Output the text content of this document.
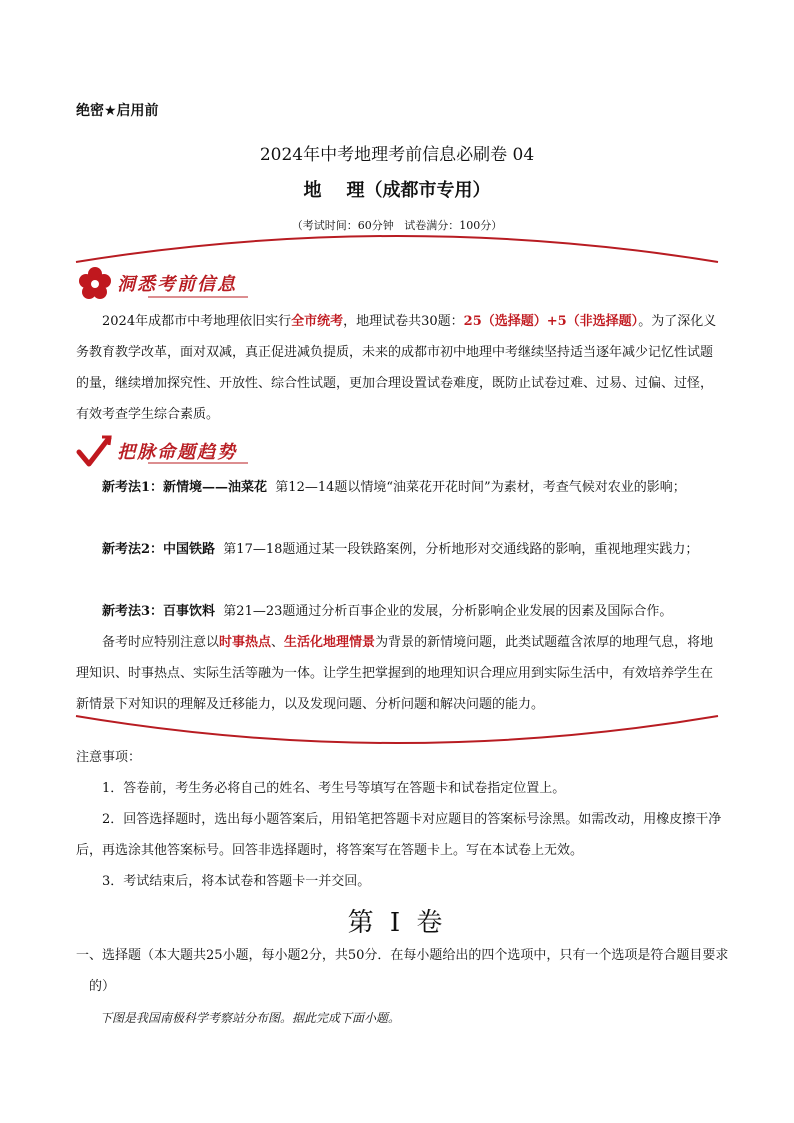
绝密★启用前
2024年中考地理考前信息必刷卷 04
地    理（成都市专用）
（考试时间：60分钟   试卷满分：100分）
洞悉考前信息
2024年成都市中考地理依旧实行全市统考，地理试卷共30题：25（选择题）+5（非选择题）。为了深化义务教育教学改革，面对双减，真正促进减负提质，未来的成都市初中地理中考继续坚持适当逐年减少记忆性试题的量，继续增加探究性、开放性、综合性试题，更加合理设置试卷难度，既防止试卷过难、过易、过偏、过怪，有效考查学生综合素质。
把脉命题趋势
新考法1：新情境——油菜花  第12—14题以情境“油菜花开花时间”为素材，考查气候对农业的影响；
新考法2：中国铁路  第17—18题通过某一段铁路案例，分析地形对交通线路的影响，重视地理实践力；
新考法3：百事饮料  第21—23题通过分析百事企业的发展，分析影响企业发展的因素及国际合作。
备考时应特别注意以时事热点、生活化地理情景为背景的新情境问题，此类试题蕴含浓厚的地理气息，将地理知识、时事热点、实际生活等融为一体。让学生把掌握到的地理知识合理应用到实际生活中，有效培养学生在新情景下对知识的理解及迁移能力，以及发现问题、分析问题和解决问题的能力。
注意事项：
1．答卷前，考生务必将自己的姓名、考生号等填写在答题卡和试卷指定位置上。
2．回答选择题时，选出每小题答案后，用铅笔把答题卡对应题目的答案标号涂黑。如需改动，用橡皮擦干净后，再选涂其他答案标号。回答非选择题时，将答案写在答题卡上。写在本试卷上无效。
3．考试结束后，将本试卷和答题卡一并交回。
第 I 卷
一、选择题（本大题共25小题，每小题2分，共50分．在每小题给出的四个选项中，只有一个选项是符合题目要求的）
下图是我国南极科学考察站分布图。据此完成下面小题。
